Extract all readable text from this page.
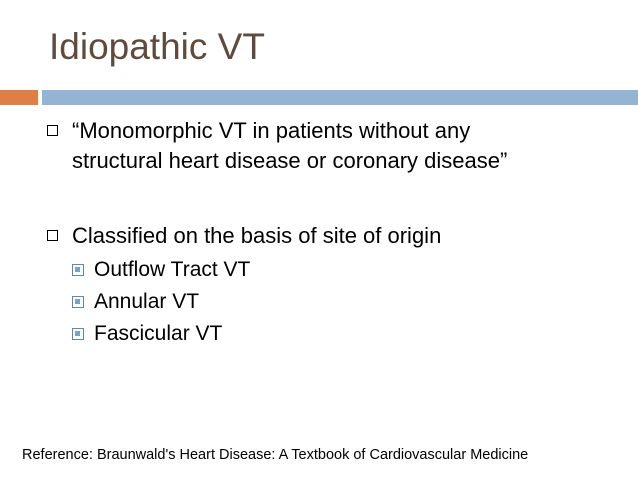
Idiopathic VT
“Monomorphic VT in patients without any
structural heart disease or coronary disease”
Classified on the basis of site of origin
Outflow Tract VT
Annular VT
Fascicular VT
Reference: Braunwald's Heart Disease: A Textbook of Cardiovascular Medicine
